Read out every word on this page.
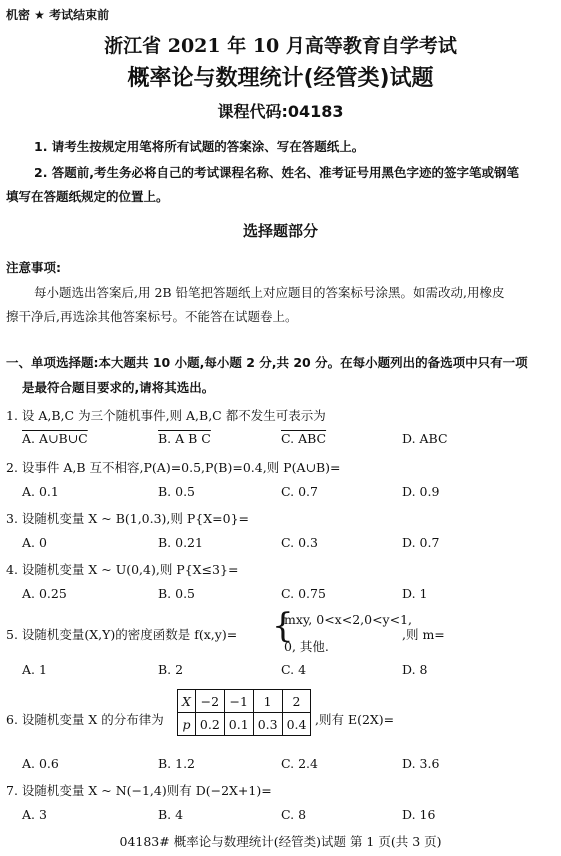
机密 ★ 考试结束前
浙江省 2021 年 10 月高等教育自学考试
概率论与数理统计(经管类)试题
课程代码:04183
1. 请考生按规定用笔将所有试题的答案涂、写在答题纸上。
2. 答题前,考生务必将自己的考试课程名称、姓名、准考证号用黑色字迹的签字笔或钢笔
填写在答题纸规定的位置上。
选择题部分
注意事项:
每小题选出答案后,用 2B 铅笔把答题纸上对应题目的答案标号涂黑。如需改动,用橡皮
擦干净后,再选涂其他答案标号。不能答在试题卷上。
一、单项选择题:本大题共 10 小题,每小题 2 分,共 20 分。在每小题列出的备选项中只有一项
是最符合题目要求的,请将其选出。
1. 设 A,B,C 为三个随机事件,则 A,B,C 都不发生可表示为
A. A∪B∪C	B. A B C	C. ABC	D. ABC
2. 设事件 A,B 互不相容,P(A)=0.5,P(B)=0.4,则 P(A∪B)=
A. 0.1	B. 0.5	C. 0.7	D. 0.9
3. 设随机变量 X ~ B(1,0.3),则 P{X=0}=
A. 0	B. 0.21	C. 0.3	D. 0.7
4. 设随机变量 X ~ U(0,4),则 P{X≤3}=
A. 0.25	B. 0.5	C. 0.75	D. 1
5. 设随机变量(X,Y)的密度函数是 f(x,y)= {
mxy, 0<x<2,0<y<1,
0, 其他.
,则 m=
A. 1	B. 2	C. 4	D. 8
6. 设随机变量 X 的分布律为
X	−2	−1	1	2
p	0.2	0.1	0.3	0.4 ,则有 E(2X)=
A. 0.6	B. 1.2	C. 2.4	D. 3.6
7. 设随机变量 X ~ N(−1,4)则有 D(−2X+1)=
A. 3	B. 4	C. 8	D. 16
04183# 概率论与数理统计(经管类)试题 第 1 页(共 3 页)
